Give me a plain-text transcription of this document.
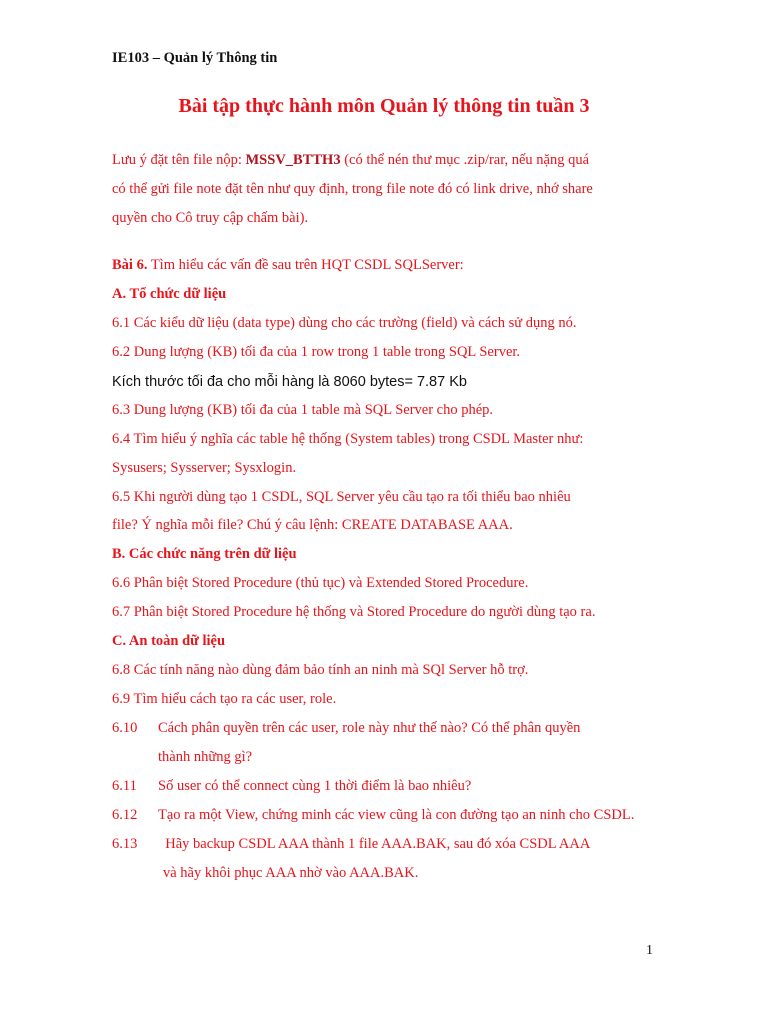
IE103 – Quản lý Thông tin
Bài tập thực hành môn Quản lý thông tin tuần 3
Lưu ý đặt tên file nộp: MSSV_BTTH3 (có thể nén thư mục .zip/rar, nếu nặng quá
có thể gửi file note đặt tên như quy định, trong file note đó có link drive, nhớ share
quyền cho Cô truy cập chấm bài).
Bài 6. Tìm hiểu các vấn đề sau trên HQT CSDL SQLServer:
A. Tổ chức dữ liệu
6.1 Các kiểu dữ liệu (data type) dùng cho các trường (field) và cách sử dụng nó.
6.2 Dung lượng (KB) tối đa của 1 row trong 1 table trong SQL Server.
Kích thước tối đa cho mỗi hàng là 8060 bytes= 7.87 Kb
6.3 Dung lượng (KB) tối đa của 1 table mà SQL Server cho phép.
6.4 Tìm hiểu ý nghĩa các table hệ thống (System tables) trong CSDL Master như:
Sysusers; Sysserver; Sysxlogin.
6.5 Khi người dùng tạo 1 CSDL, SQL Server yêu cầu tạo ra tối thiểu bao nhiêu
file? Ý nghĩa mỗi file? Chú ý câu lệnh: CREATE DATABASE AAA.
B. Các chức năng trên dữ liệu
6.6 Phân biệt Stored Procedure (thủ tục) và Extended Stored Procedure.
6.7 Phân biệt Stored Procedure hệ thống và Stored Procedure do người dùng tạo ra.
C. An toàn dữ liệu
6.8 Các tính năng nào dùng đảm bảo tính an ninh mà SQl Server hỗ trợ.
6.9 Tìm hiểu cách tạo ra các user, role.
6.10 Cách phân quyền trên các user, role này như thế nào? Có thể phân quyền
thành những gì?
6.11 Số user có thể connect cùng 1 thời điểm là bao nhiêu?
6.12 Tạo ra một View, chứng minh các view cũng là con đường tạo an ninh cho CSDL.
6.13  Hãy backup CSDL AAA thành 1 file AAA.BAK, sau đó xóa CSDL AAA
và hãy khôi phục AAA nhờ vào AAA.BAK.
1
